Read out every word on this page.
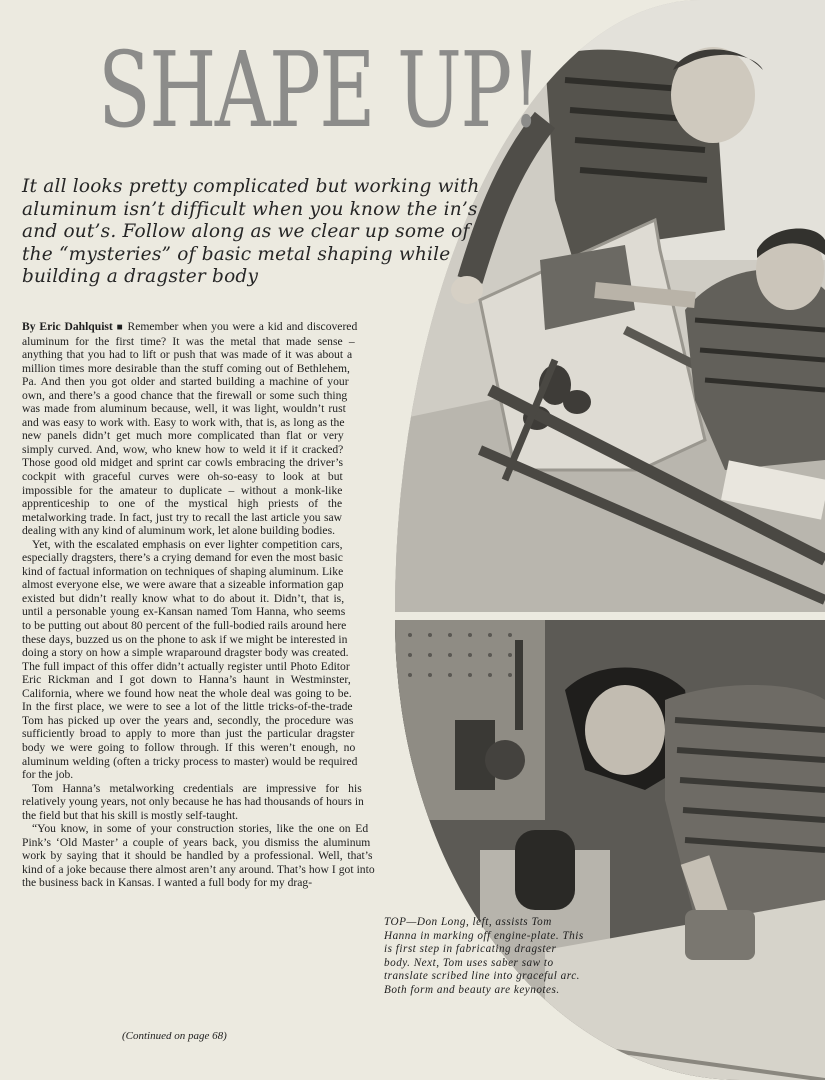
SHAPE UP!
It all looks pretty complicated but working with aluminum isn’t difficult when you know the in’s and out’s. Follow along as we clear up some of the “mysteries” of basic metal shaping while building a dragster body

By Eric Dahlquist ■ Remember when you were a kid and discovered aluminum for the first time? It was the metal that made sense – anything that you had to lift or push that was made of it was about a million times more desirable than the stuff coming out of Bethlehem, Pa. And then you got older and started building a machine of your own, and there’s a good chance that the firewall or some such thing was made from aluminum because, well, it was light, wouldn’t rust and was easy to work with. Easy to work with, that is, as long as the new panels didn’t get much more complicated than flat or very simply curved. And, wow, who knew how to weld it if it cracked? Those good old midget and sprint car cowls embracing the driver’s cockpit with graceful curves were oh-so-easy to look at but impossible for the amateur to duplicate – without a monk-like apprenticeship to one of the mystical high priests of the metalworking trade. In fact, just try to recall the last article you saw dealing with any kind of aluminum work, let alone building bodies.

Yet, with the escalated emphasis on ever lighter competition cars, especially dragsters, there’s a crying demand for even the most basic kind of factual information on techniques of shaping aluminum. Like almost everyone else, we were aware that a sizeable information gap existed but didn’t really know what to do about it. Didn’t, that is, until a personable young ex-Kansan named Tom Hanna, who seems to be putting out about 80 percent of the full-bodied rails around here these days, buzzed us on the phone to ask if we might be interested in doing a story on how a simple wraparound dragster body was created. The full impact of this offer didn’t actually register until Photo Editor Eric Rickman and I got down to Hanna’s haunt in Westminster, California, where we found how neat the whole deal was going to be. In the first place, we were to see a lot of the little tricks-of-the-trade Tom has picked up over the years and, secondly, the procedure was sufficiently broad to apply to more than just the particular dragster body we were going to follow through. If this weren’t enough, no aluminum welding (often a tricky process to master) would be required for the job.

Tom Hanna’s metalworking credentials are impressive for his relatively young years, not only because he has had thousands of hours in the field but that his skill is mostly self-taught.

“You know, in some of your construction stories, like the one on Ed Pink’s ‘Old Master’ a couple of years back, you dismiss the aluminum work by saying that it should be handled by a professional. Well, that’s kind of a joke because there almost aren’t any around. That’s how I got into the business back in Kansas. I wanted a full body for my drag-

(Continued on page 68)
TOP—Don Long, left, assists Tom Hanna in marking off engine-plate. This is first step in fabricating dragster body. Next, Tom uses saber saw to translate scribed line into graceful arc. Both form and beauty are keynotes.
